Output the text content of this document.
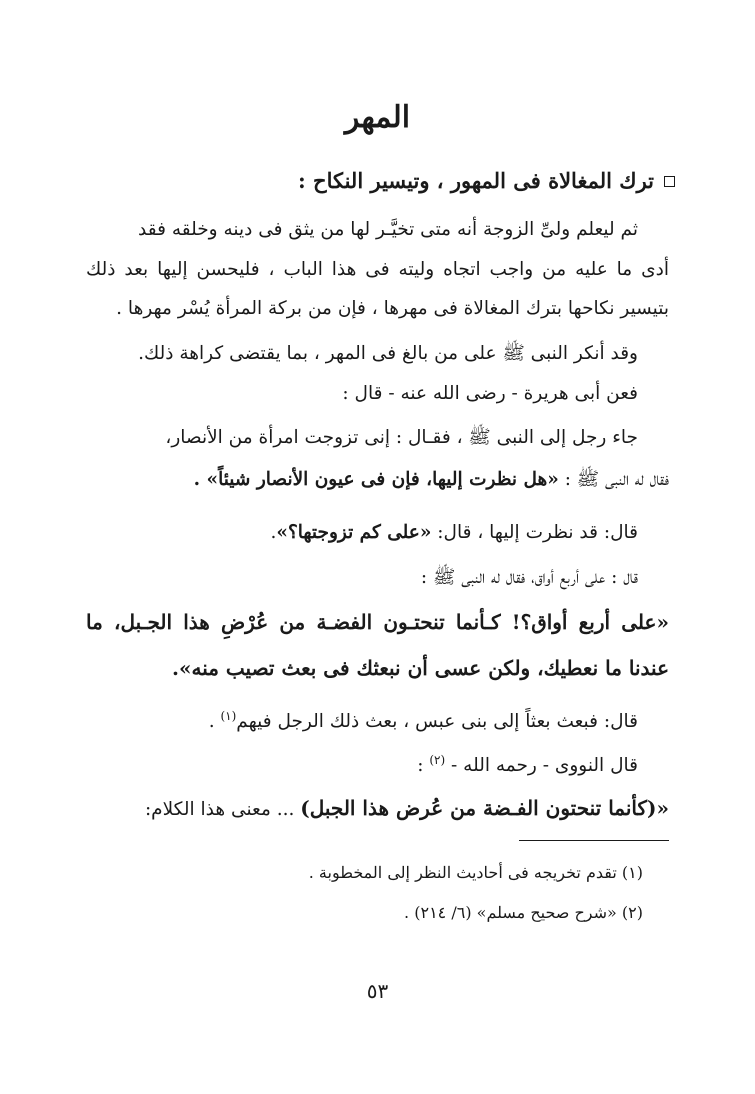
المهر
ترك المغالاة فى المهور ، وتيسير النكاح :
ثم ليعلم ولىِّ الزوجة أنه متى تخيَّـر لها من يثق فى دينه وخلقه فقد
أدى ما عليه من واجب اتجاه وليته فى هذا الباب ، فليحسن إليها بعد ذلك
بتيسير نكاحها بترك المغالاة فى مهرها ، فإن من بركة المرأة يُسْر مهرها .
وقد أنكر النبى ﷺ على من بالغ فى المهر ، بما يقتضى كراهة ذلك.
فعن أبى هريرة - رضى الله عنه - قال :
جاء رجل إلى النبى ﷺ ، فقـال : إنى تزوجت امرأة من الأنصار،
فقال له النبى ﷺ : «هل نظرت إليها، فإن فى عيون الأنصار شيئاً» .
قال: قد نظرت إليها ، قال: «على كم تزوجتها؟».
قال : على أربع أواق، فقال له النبى ﷺ :
«على أربع أواق؟! كـأنما تنحتـون الفضـة من عُرْضِ هذا الجـبل، ما
عندنا ما نعطيك، ولكن عسى أن نبعثك فى بعث تصيب منه».
قال: فبعث بعثاً إلى بنى عبس ، بعث ذلك الرجل فيهم$^{(١)}$ .
قال النووى - رحمه الله - $^{(٢)}$ :
«(كأنما تنحتون الفـضة من عُرض هذا الجبل) ... معنى هذا الكلام:
(١) تقدم تخريجه فى أحاديث النظر إلى المخطوبة .
(٢) «شرح صحيح مسلم» (٦/ ٢١٤) .
٥٣
